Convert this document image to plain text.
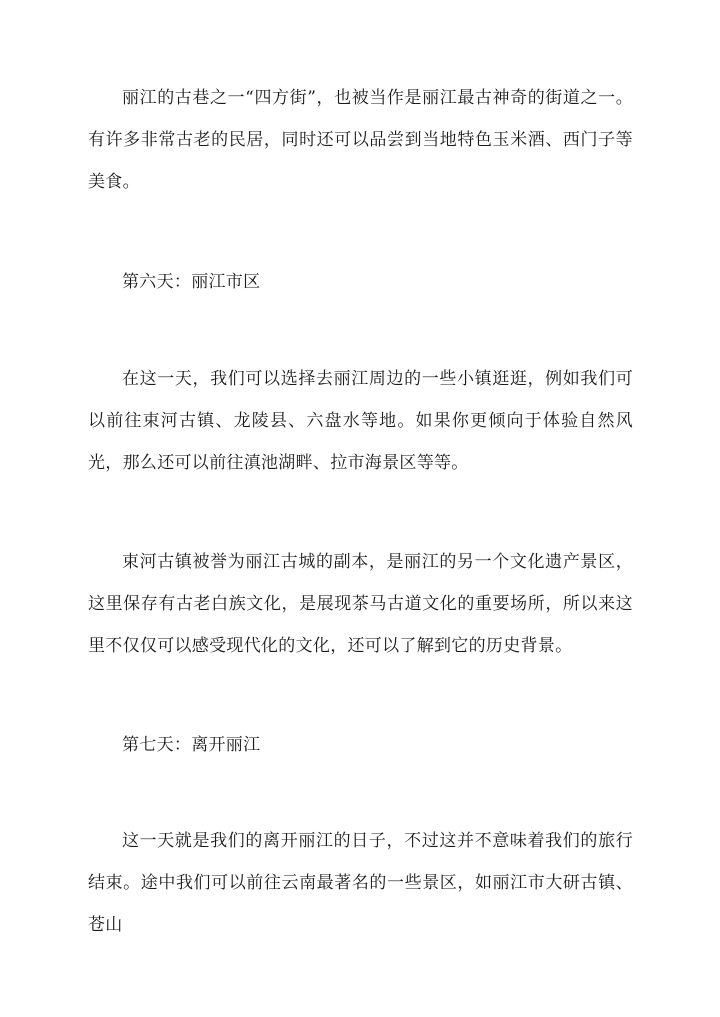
丽江的古巷之一“四方街”，也被当作是丽江最古神奇的街道之一。有许多非常古老的民居，同时还可以品尝到当地特色玉米酒、西门子等美食。

第六天：丽江市区

在这一天，我们可以选择去丽江周边的一些小镇逛逛，例如我们可以前往束河古镇、龙陵县、六盘水等地。如果你更倾向于体验自然风光，那么还可以前往滇池湖畔、拉市海景区等等。

束河古镇被誉为丽江古城的副本，是丽江的另一个文化遗产景区，这里保存有古老白族文化，是展现茶马古道文化的重要场所，所以来这里不仅仅可以感受现代化的文化，还可以了解到它的历史背景。

第七天：离开丽江

这一天就是我们的离开丽江的日子，不过这并不意味着我们的旅行结束。途中我们可以前往云南最著名的一些景区，如丽江市大研古镇、苍山
